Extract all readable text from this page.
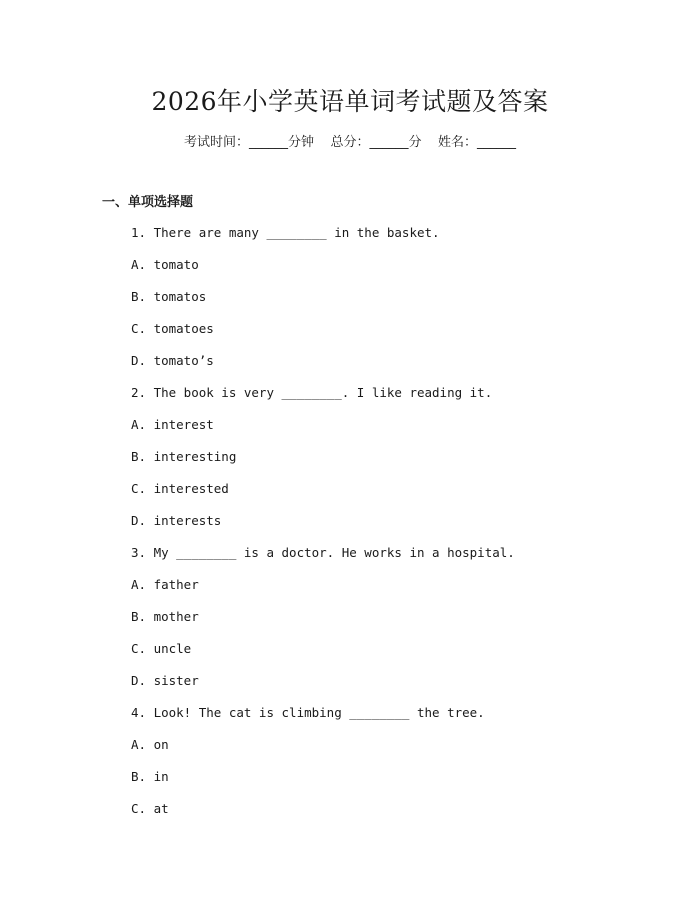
2026年小学英语单词考试题及答案
考试时间：______分钟    总分：______分    姓名：______
一、单项选择题
1. There are many ________ in the basket.
A. tomato
B. tomatos
C. tomatoes
D. tomato’s
2. The book is very ________. I like reading it.
A. interest
B. interesting
C. interested
D. interests
3. My ________ is a doctor. He works in a hospital.
A. father
B. mother
C. uncle
D. sister
4. Look! The cat is climbing ________ the tree.
A. on
B. in
C. at
